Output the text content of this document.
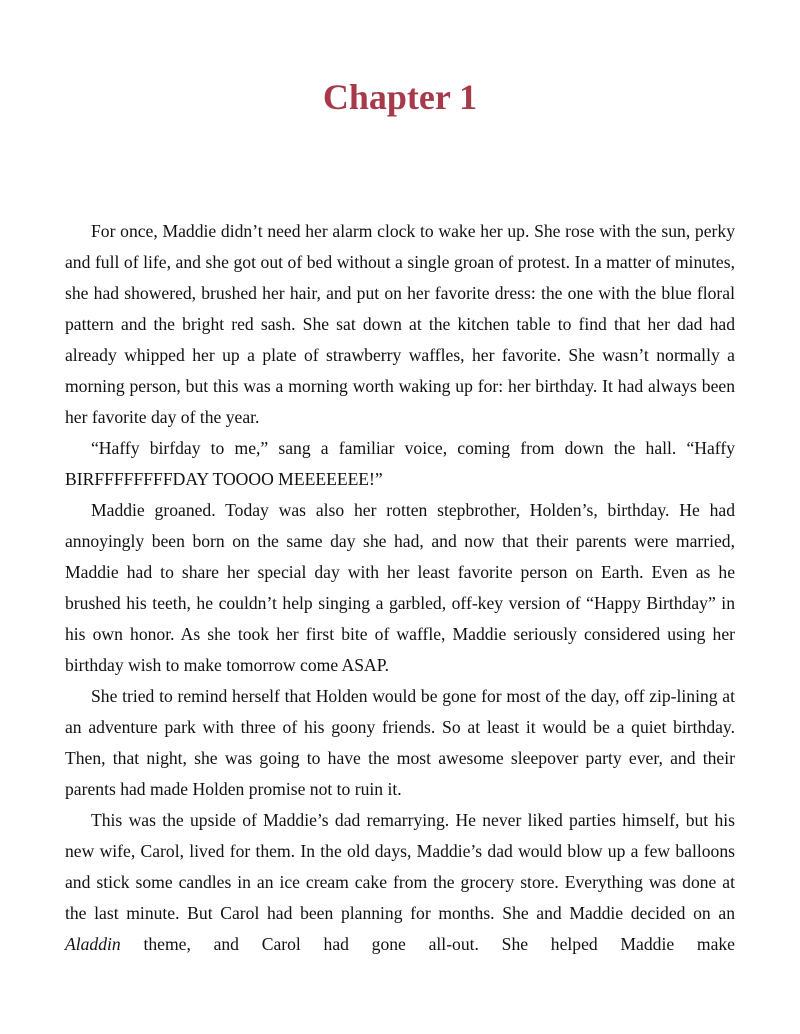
Chapter 1

For once, Maddie didn’t need her alarm clock to wake her up. She rose with the sun, perky and full of life, and she got out of bed without a single groan of protest. In a matter of minutes, she had showered, brushed her hair, and put on her favorite dress: the one with the blue floral pattern and the bright red sash. She sat down at the kitchen table to find that her dad had already whipped her up a plate of strawberry waffles, her favorite. She wasn’t normally a morning person, but this was a morning worth waking up for: her birthday. It had always been her favorite day of the year.

“Haffy birfday to me,” sang a familiar voice, coming from down the hall. “Haffy BIRFFFFFFFFDAY TOOOO MEEEEEEE!”

Maddie groaned. Today was also her rotten stepbrother, Holden’s, birthday. He had annoyingly been born on the same day she had, and now that their parents were married, Maddie had to share her special day with her least favorite person on Earth. Even as he brushed his teeth, he couldn’t help singing a garbled, off-key version of “Happy Birthday” in his own honor. As she took her first bite of waffle, Maddie seriously considered using her birthday wish to make tomorrow come ASAP.

She tried to remind herself that Holden would be gone for most of the day, off zip-lining at an adventure park with three of his goony friends. So at least it would be a quiet birthday. Then, that night, she was going to have the most awesome sleepover party ever, and their parents had made Holden promise not to ruin it.

This was the upside of Maddie’s dad remarrying. He never liked parties himself, but his new wife, Carol, lived for them. In the old days, Maddie’s dad would blow up a few balloons and stick some candles in an ice cream cake from the grocery store. Everything was done at the last minute. But Carol had been planning for months. She and Maddie decided on an Aladdin theme, and Carol had gone all-out. She helped Maddie make
